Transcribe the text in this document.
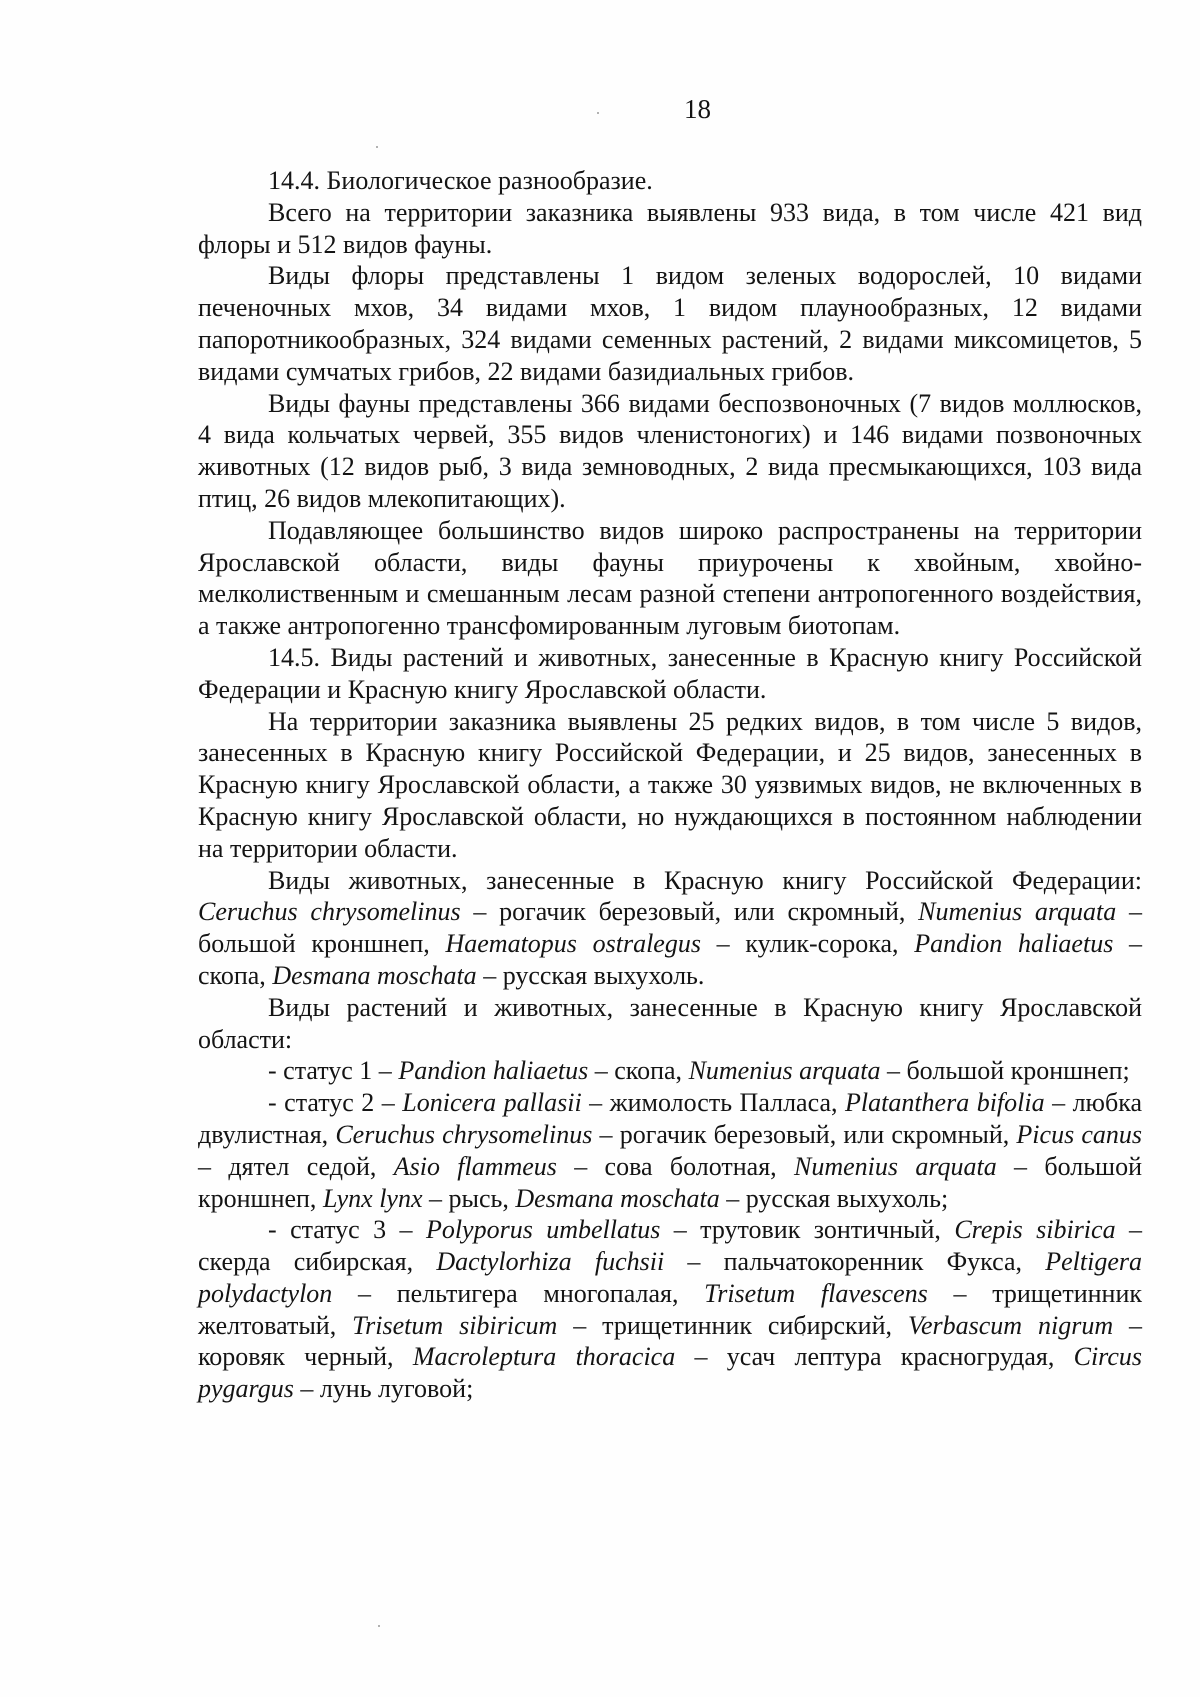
18

14.4. Биологическое разнообразие.

Всего на территории заказника выявлены 933 вида, в том числе 421 вид флоры и 512 видов фауны.

Виды флоры представлены 1 видом зеленых водорослей, 10 видами печеночных мхов, 34 видами мхов, 1 видом плаунообразных, 12 видами папоротникообразных, 324 видами семенных растений, 2 видами миксомицетов, 5 видами сумчатых грибов, 22 видами базидиальных грибов.

Виды фауны представлены 366 видами беспозвоночных (7 видов моллюсков, 4 вида кольчатых червей, 355 видов членистоногих) и 146 видами позвоночных животных (12 видов рыб, 3 вида земноводных, 2 вида пресмыкающихся, 103 вида птиц, 26 видов млекопитающих).

Подавляющее большинство видов широко распространены на территории Ярославской области, виды фауны приурочены к хвойным, хвойно-мелколиственным и смешанным лесам разной степени антропогенного воздействия, а также антропогенно трансфомированным луговым биотопам.

14.5. Виды растений и животных, занесенные в Красную книгу Российской Федерации и Красную книгу Ярославской области.

На территории заказника выявлены 25 редких видов, в том числе 5 видов, занесенных в Красную книгу Российской Федерации, и 25 видов, занесенных в Красную книгу Ярославской области, а также 30 уязвимых видов, не включенных в Красную книгу Ярославской области, но нуждающихся в постоянном наблюдении на территории области.

Виды животных, занесенные в Красную книгу Российской Федерации: Ceruchus chrysomelinus – рогачик березовый, или скромный, Numenius arquata – большой кроншнеп, Haematopus ostralegus – кулик-сорока, Pandion haliaetus – скопа, Desmana moschata – русская выхухоль.

Виды растений и животных, занесенные в Красную книгу Ярославской области:

- статус 1 – Pandion haliaetus – скопа, Numenius arquata – большой кроншнеп;

- статус 2 – Lonicera pallasii – жимолость Палласа, Platanthera bifolia – любка двулистная, Ceruchus chrysomelinus – рогачик березовый, или скромный, Picus canus – дятел седой, Asio flammeus – сова болотная, Numenius arquata – большой кроншнеп, Lynx lynx – рысь, Desmana moschata – русская выхухоль;

- статус 3 – Polyporus umbellatus – трутовик зонтичный, Crepis sibirica – скерда сибирская, Dactylorhiza fuchsii – пальчатокоренник Фукса, Peltigera polydactylon – пельтигера многопалая, Trisetum flavescens – трищетинник желтоватый, Trisetum sibiricum – трищетинник сибирский, Verbascum nigrum – коровяк черный, Macroleptura thoracica – усач лептура красногрудая, Circus pygargus – лунь луговой;
